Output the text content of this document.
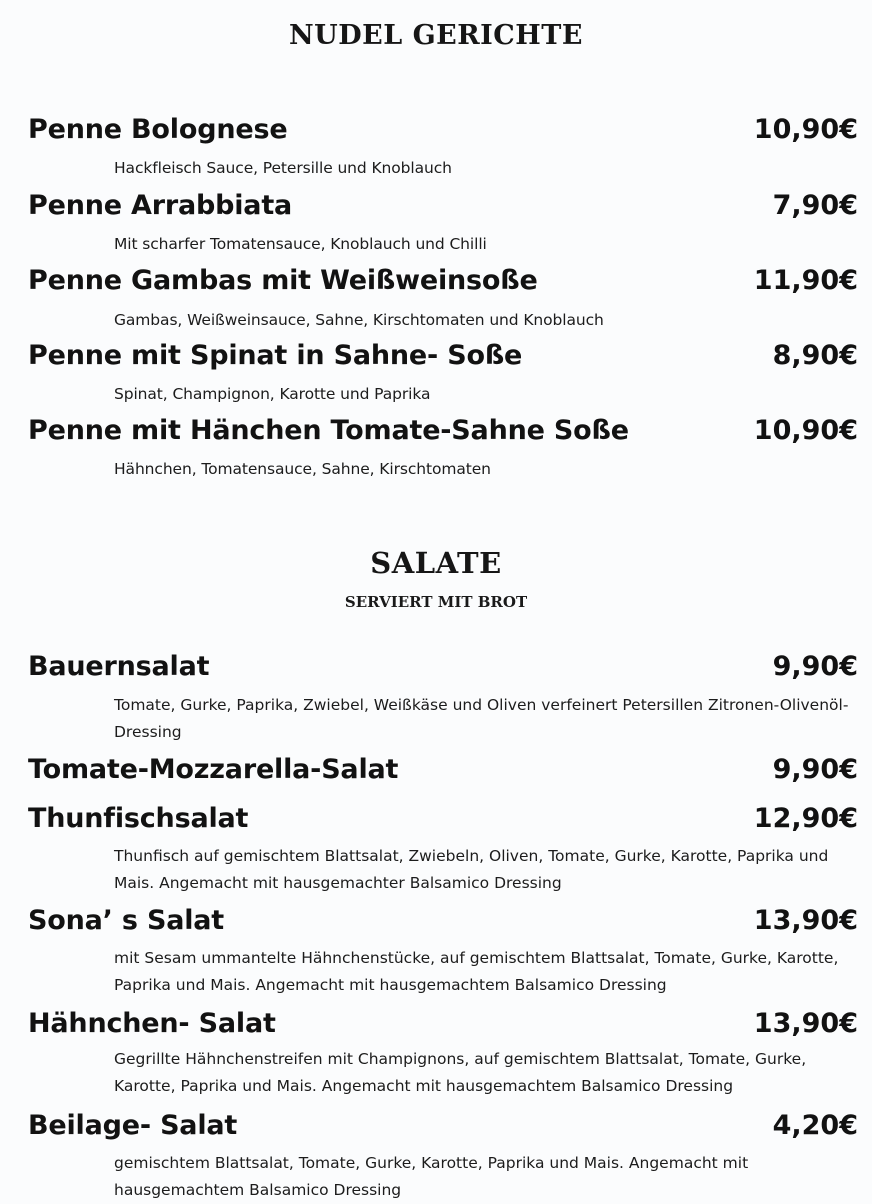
NUDEL GERICHTE
Penne Bolognese	10,90€
Hackfleisch Sauce, Petersille und Knoblauch
Penne Arrabbiata	7,90€
Mit scharfer Tomatensauce, Knoblauch und Chilli
Penne Gambas mit Weißweinsoße	11,90€
Gambas, Weißweinsauce, Sahne, Kirschtomaten und Knoblauch
Penne mit Spinat in Sahne- Soße	8,90€
Spinat, Champignon, Karotte und Paprika
Penne mit Hänchen Tomate-Sahne Soße	10,90€
Hähnchen, Tomatensauce, Sahne, Kirschtomaten
SALATE
SERVIERT MIT BROT
Bauernsalat	9,90€
Tomate, Gurke, Paprika, Zwiebel, Weißkäse und Oliven verfeinert Petersillen Zitronen-Olivenöl- Dressing
Tomate-Mozzarella-Salat	9,90€
Thunfischsalat	12,90€
Thunfisch auf gemischtem Blattsalat, Zwiebeln, Oliven, Tomate, Gurke, Karotte, Paprika und Mais. Angemacht mit hausgemachter Balsamico Dressing
Sona’ s Salat	13,90€
mit Sesam ummantelte Hähnchenstücke, auf gemischtem Blattsalat, Tomate, Gurke, Karotte, Paprika und Mais. Angemacht mit hausgemachtem Balsamico Dressing
Hähnchen- Salat	13,90€
Gegrillte Hähnchenstreifen mit Champignons, auf gemischtem Blattsalat, Tomate, Gurke, Karotte, Paprika und Mais. Angemacht mit hausgemachtem Balsamico Dressing
Beilage- Salat	4,20€
gemischtem Blattsalat, Tomate, Gurke, Karotte, Paprika und Mais. Angemacht mit hausgemachtem Balsamico Dressing
